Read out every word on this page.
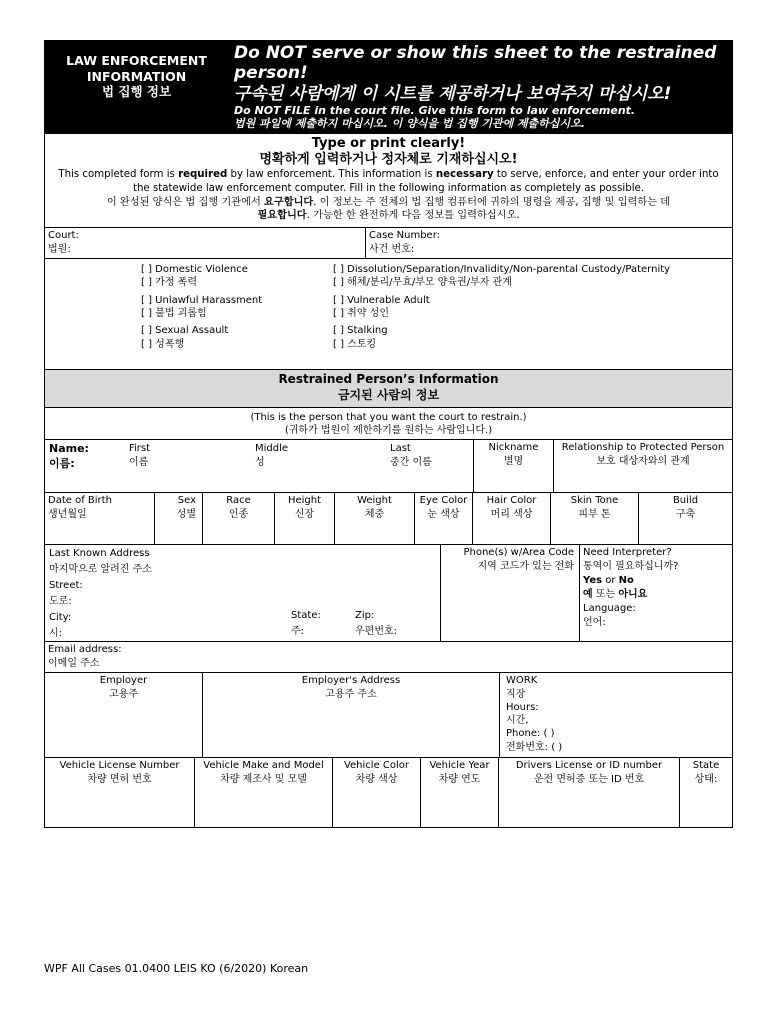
LAW ENFORCEMENT
INFORMATION
법 집행 정보
Do NOT serve or show this sheet to the restrained person!
구속된 사람에게 이 시트를 제공하거나 보여주지 마십시오!
Do NOT FILE in the court file. Give this form to law enforcement.
법원 파일에 제출하지 마십시오. 이 양식을 법 집행 기관에 제출하십시오.
Type or print clearly!
명확하게 입력하거나 정자체로 기재하십시오!
This completed form is required by law enforcement. This information is necessary to serve, enforce, and enter your order into
the statewide law enforcement computer. Fill in the following information as completely as possible.
이 완성된 양식은 법 집행 기관에서 요구합니다. 이 정보는 주 전체의 법 집행 컴퓨터에 귀하의 명령을 제공, 집행 및 입력하는 데
필요합니다. 가능한 한 완전하게 다음 정보를 입력하십시오.
Court:
법원:
Case Number:
사건 번호:
[ ] Domestic Violence
[ ] 가정 폭력
[ ] Unlawful Harassment
[ ] 불법 괴롭힘
[ ] Sexual Assault
[ ] 성폭행
[ ] Dissolution/Separation/Invalidity/Non-parental Custody/Paternity
[ ] 해체/분리/무효/부모 양육권/부자 관계
[ ] Vulnerable Adult
[ ] 취약 성인
[ ] Stalking
[ ] 스토킹
Restrained Person’s Information
금지된 사람의 정보
(This is the person that you want the court to restrain.)
(귀하가 법원이 제한하기를 원하는 사람입니다.)
Name:
이름:
First
이름
Middle
성
Last
중간 이름
Nickname
별명
Relationship to Protected Person
보호 대상자와의 관계
Date of Birth
생년월일
Sex
성별
Race
인종
Height
신장
Weight
체중
Eye Color
눈 색상
Hair Color
머리 색상
Skin Tone
피부 톤
Build
구축
Last Known Address
마지막으로 알려진 주소
Street:
도로:
City:
시:
State:
주:
Zip:
우편번호:
Phone(s) w/Area Code
지역 코드가 있는 전화
Need Interpreter?
통역이 필요하십니까?
Yes or No
예 또는 아니요
Language:
언어:
Email address:
이메일 주소
Employer
고용주
Employer's Address
고용주 주소
WORK
직장
Hours:
시간,
Phone: ( )
전화번호: ( )
Vehicle License Number
차량 면허 번호
Vehicle Make and Model
차량 제조사 및 모델
Vehicle Color
차량 색상
Vehicle Year
차량 연도
Drivers License or ID number
운전 면허증 또는 ID 번호
State
상태:
WPF All Cases 01.0400 LEIS KO (6/2020) Korean
